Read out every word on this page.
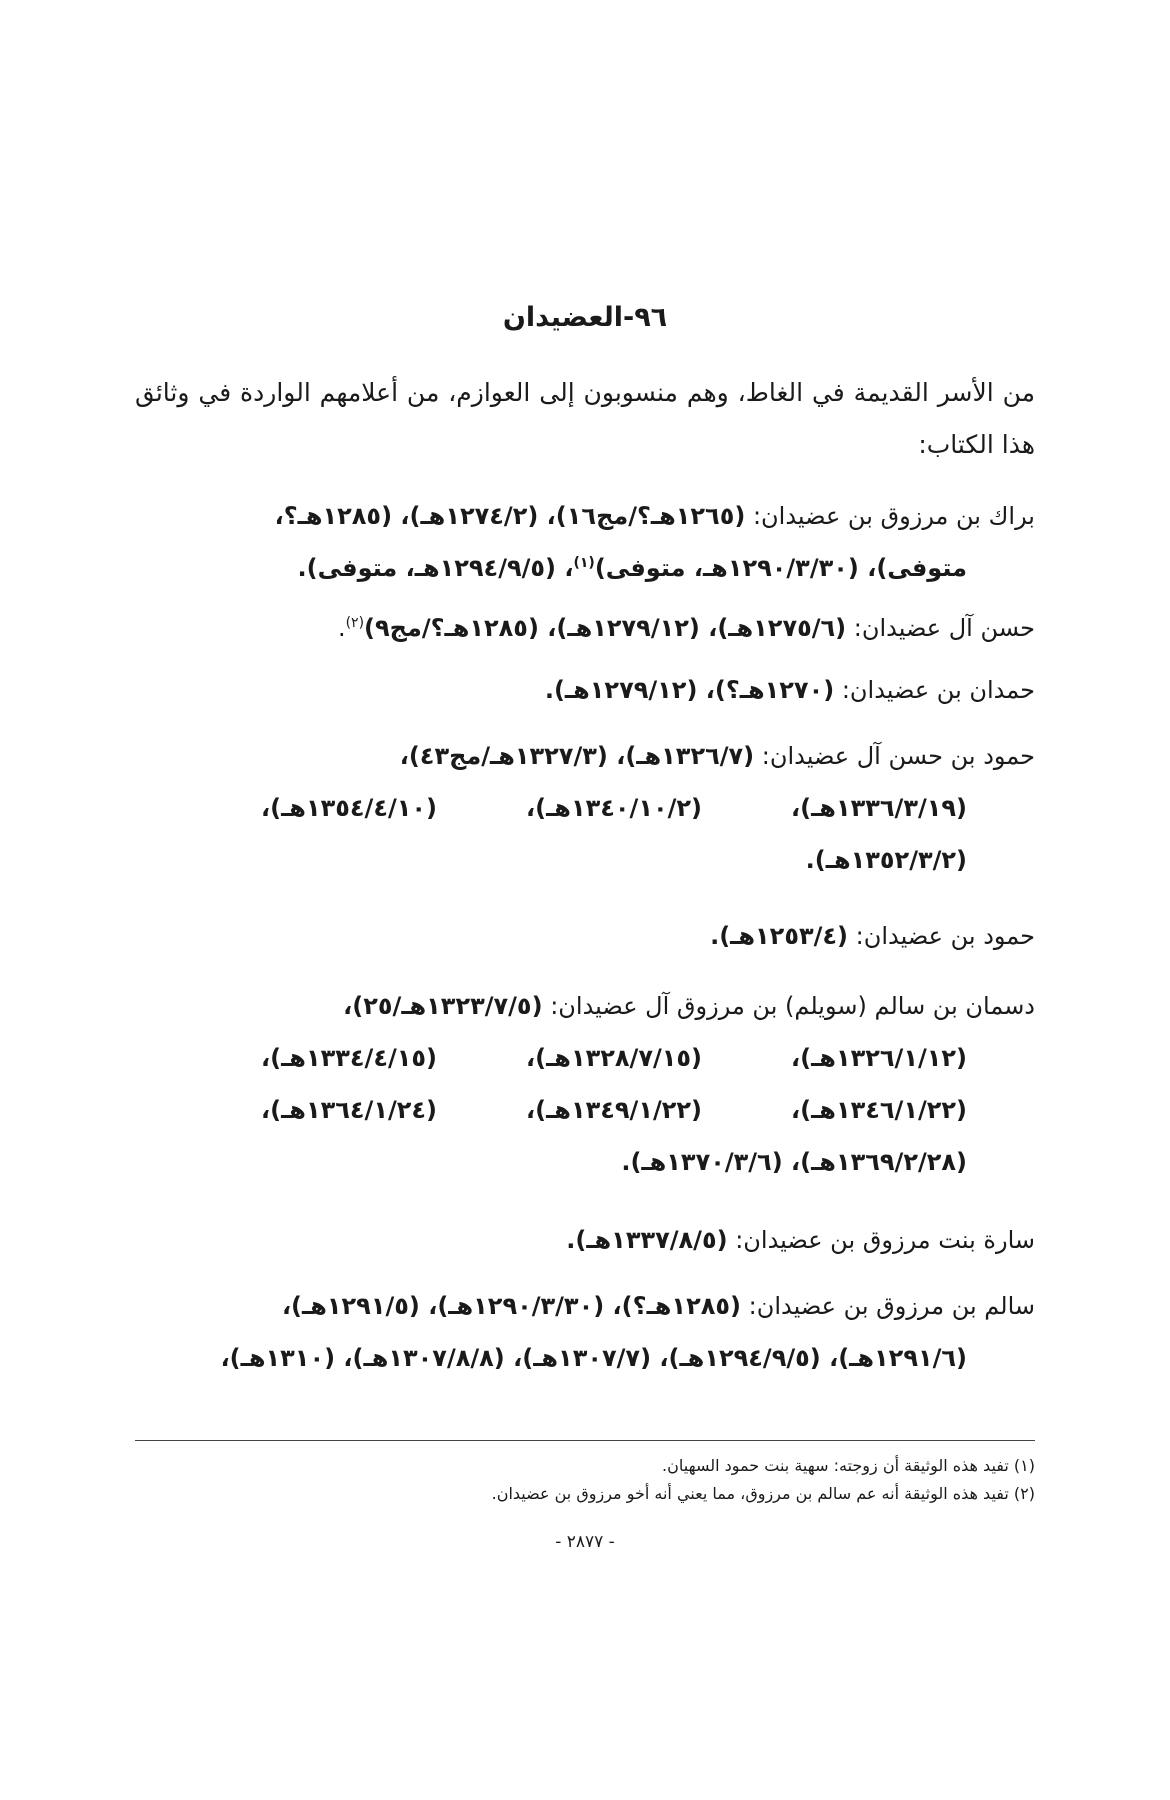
٩٦-العضيدان
من الأسر القديمة في الغاط، وهم منسوبون إلى العوازم، من أعلامهم الواردة في وثائق هذا الكتاب:
براك بن مرزوق بن عضيدان: (١٢٦٥هـ؟/مج١٦)، (١٢٧٤/٢هـ)، (١٢٨٥هـ؟،
متوفى)، (١٢٩٠/٣/٣٠هـ، متوفى)$^{(١)}$، (١٢٩٤/٩/٥هـ، متوفى).
حسن آل عضيدان: (١٢٧٥/٦هـ)، (١٢٧٩/١٢هـ)، (١٢٨٥هـ؟/مج٩)$^{(٢)}$.
حمدان بن عضيدان: (١٢٧٠هـ؟)، (١٢٧٩/١٢هـ).
حمود بن حسن آل عضيدان: (١٣٢٦/٧هـ)، (١٣٢٧/٣هـ/مج٤٣)،
(١٣٣٦/٣/١٩هـ)،
(١٣٤٠/١٠/٢هـ)،
(١٣٥٤/٤/١٠هـ)،
(١٣٥٢/٣/٢هـ).
حمود بن عضيدان: (١٢٥٣/٤هـ).
دسمان بن سالم (سويلم) بن مرزوق آل عضيدان: (١٣٢٣/٧/٥هـ/٢٥)،
(١٣٢٦/١/١٢هـ)،
(١٣٢٨/٧/١٥هـ)،
(١٣٣٤/٤/١٥هـ)،
(١٣٤٦/١/٢٢هـ)،
(١٣٤٩/١/٢٢هـ)،
(١٣٦٤/١/٢٤هـ)،
(١٣٦٩/٢/٢٨هـ)، (١٣٧٠/٣/٦هـ).
سارة بنت مرزوق بن عضيدان: (١٣٣٧/٨/٥هـ).
سالم بن مرزوق بن عضيدان: (١٢٨٥هـ؟)، (١٢٩٠/٣/٣٠هـ)، (١٢٩١/٥هـ)،
(١٢٩١/٦هـ)، (١٢٩٤/٩/٥هـ)، (١٣٠٧/٧هـ)، (١٣٠٧/٨/٨هـ)، (١٣١٠هـ)،
(١) تفيد هذه الوثيقة أن زوجته: سهية بنت حمود السهيان.
(٢) تفيد هذه الوثيقة أنه عم سالم بن مرزوق، مما يعني أنه أخو مرزوق بن عضيدان.
- ٢٨٧٧ -
